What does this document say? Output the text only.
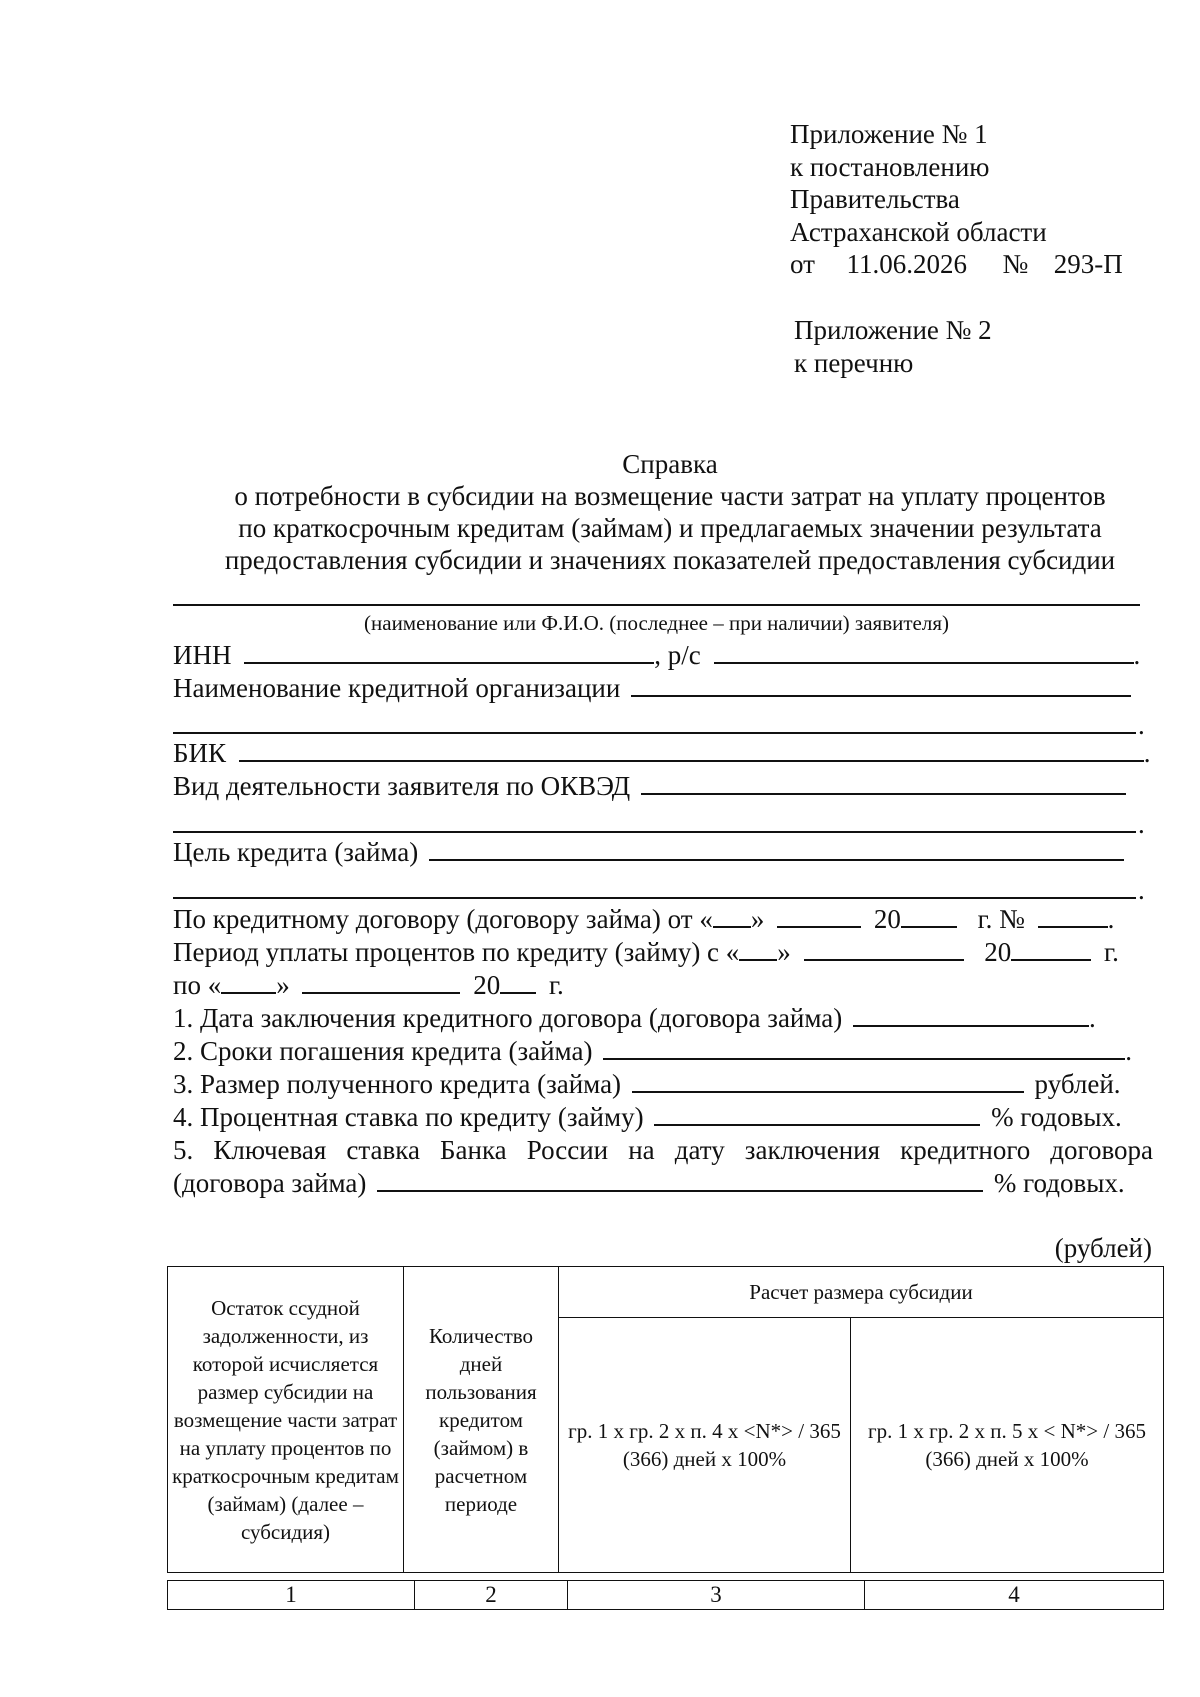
Приложение № 1
к постановлению
Правительства
Астраханской области
от 11.06.2026 № 293-П
Приложение № 2
к перечню
Справка
о потребности в субсидии на возмещение части затрат на уплату процентов
по краткосрочным кредитам (займам) и предлагаемых значении результата
предоставления субсидии и значениях показателей предоставления субсидии
(наименование или Ф.И.О. (последнее – при наличии) заявителя)
ИНН	, р/с	.
Наименование кредитной организации
.
БИК	.
Вид деятельности заявителя по ОКВЭД
.
Цель кредита (займа)
.
По кредитному договору (договору займа) от « »	20	г. №	.
Период уплаты процентов по кредиту (займу) с « »	20	г.
по « »	20 г.
1. Дата заключения кредитного договора (договора займа)	.
2. Сроки погашения кредита (займа)	.
3. Размер полученного кредита (займа)	рублей.
4. Процентная ставка по кредиту (займу)	% годовых.
5. Ключевая ставка Банка России на дату заключения кредитного договора
(договора займа)	% годовых.
(рублей)
Остаток ссудной задолженности, из которой исчисляется размер субсидии на возмещение части затрат на уплату процентов по краткосрочным кредитам (займам) (далее – субсидия)	Количество дней пользования кредитом (займом) в расчетном периоде	Расчет размера субсидии	
		гр. 1 x гр. 2 x п. 4 x <N*> / 365 (366) дней x 100%	гр. 1 x гр. 2 x п. 5 x < N*> / 365 (366) дней x 100%
1	2	3	4
